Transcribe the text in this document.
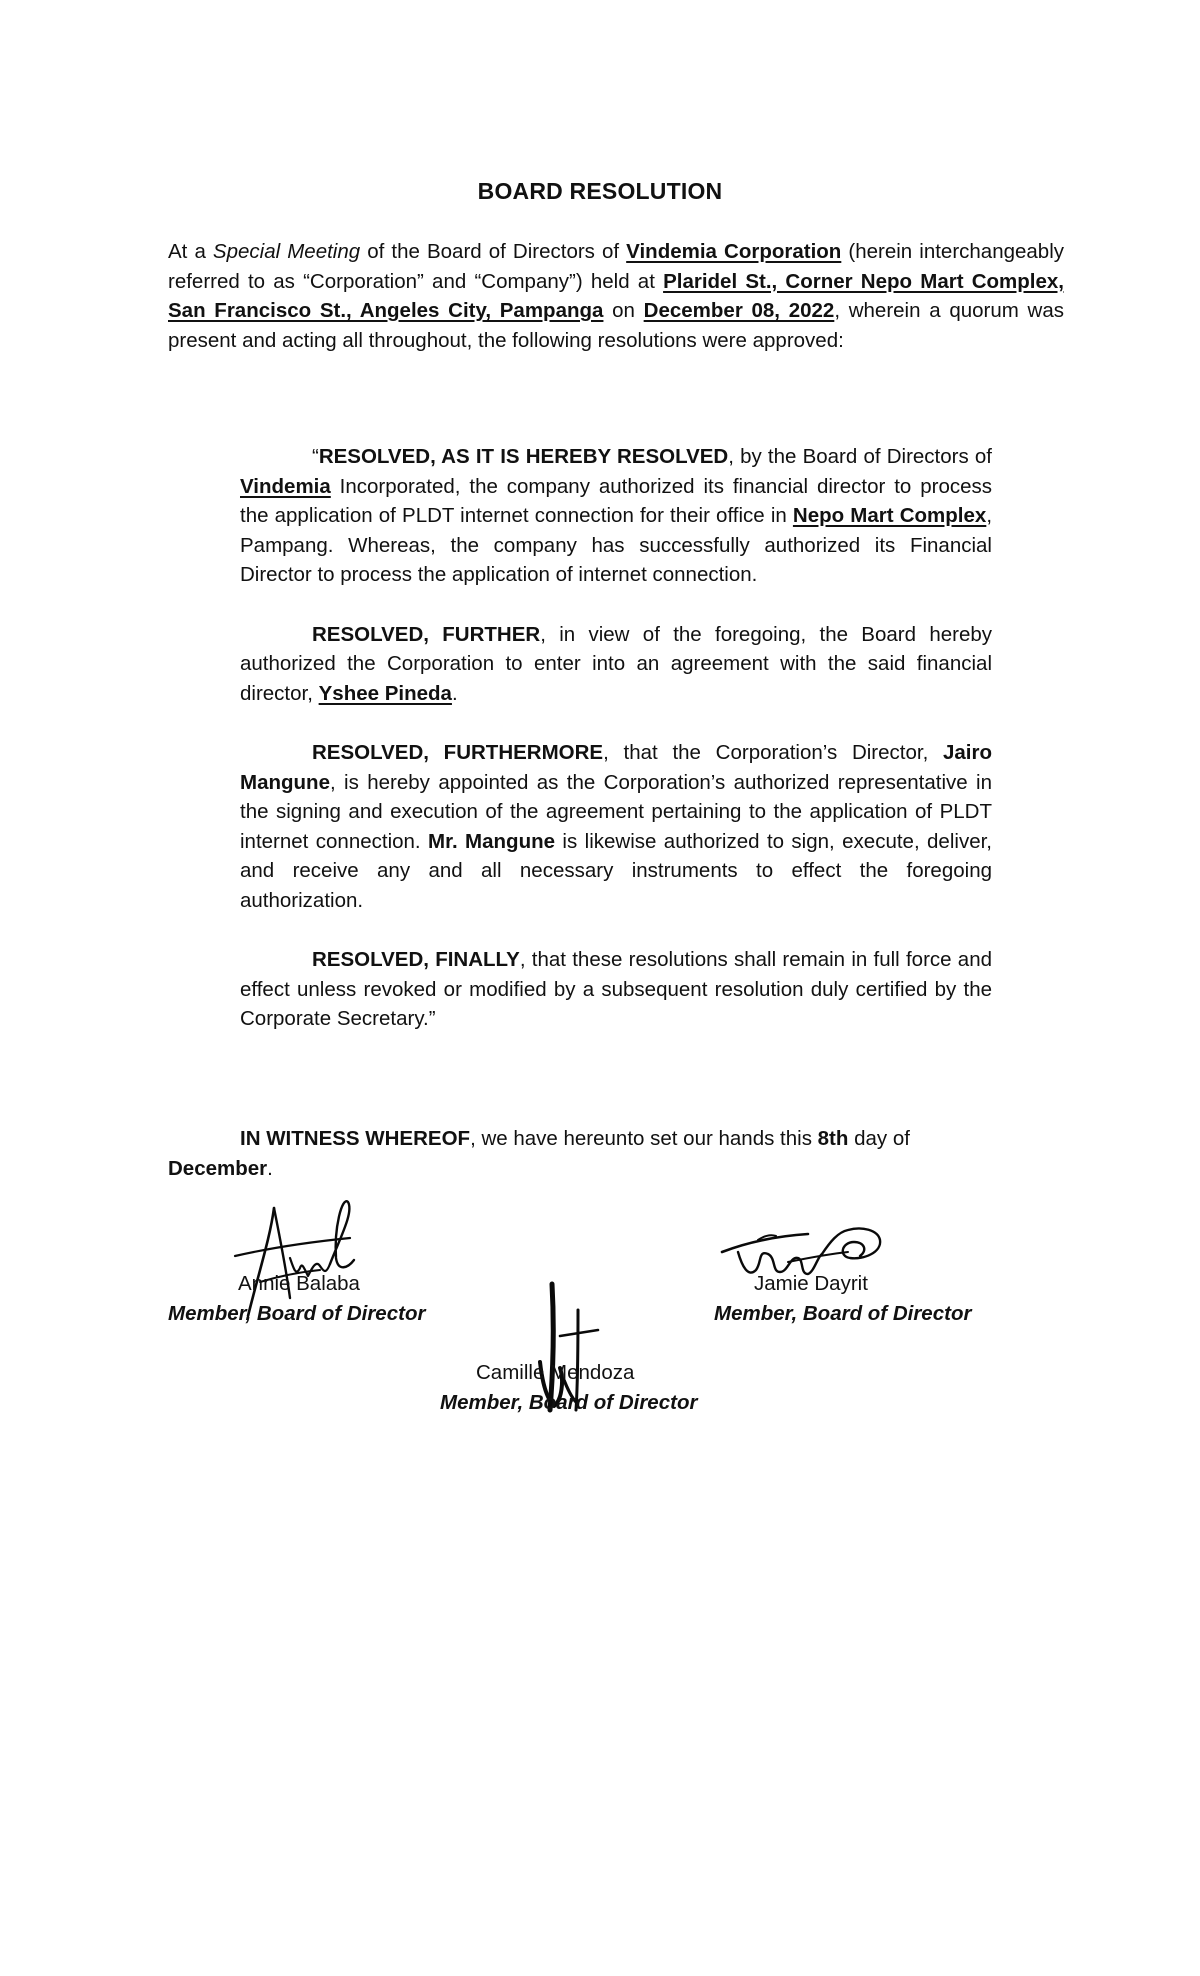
BOARD RESOLUTION
At a Special Meeting of the Board of Directors of Vindemia Corporation (herein interchangeably referred to as “Corporation” and “Company”) held at Plaridel St., Corner Nepo Mart Complex, San Francisco St., Angeles City, Pampanga on December 08, 2022, wherein a quorum was present and acting all throughout, the following resolutions were approved:

“RESOLVED, AS IT IS HEREBY RESOLVED, by the Board of Directors of Vindemia Incorporated, the company authorized its financial director to process the application of PLDT internet connection for their office in Nepo Mart Complex, Pampang. Whereas, the company has successfully authorized its Financial Director to process the application of internet connection.

RESOLVED, FURTHER, in view of the foregoing, the Board hereby authorized the Corporation to enter into an agreement with the said financial director, Yshee Pineda.

RESOLVED, FURTHERMORE, that the Corporation’s Director, Jairo Mangune, is hereby appointed as the Corporation’s authorized representative in the signing and execution of the agreement pertaining to the application of PLDT internet connection. Mr. Mangune is likewise authorized to sign, execute, deliver, and receive any and all necessary instruments to effect the foregoing authorization.

RESOLVED, FINALLY, that these resolutions shall remain in full force and effect unless revoked or modified by a subsequent resolution duly certified by the Corporate Secretary.”

IN WITNESS WHEREOF, we have hereunto set our hands this 8th day of
December.
Annie Balaba
Member, Board of Director
Jamie Dayrit
Member, Board of Director
Camille Mendoza
Member, Board of Director
